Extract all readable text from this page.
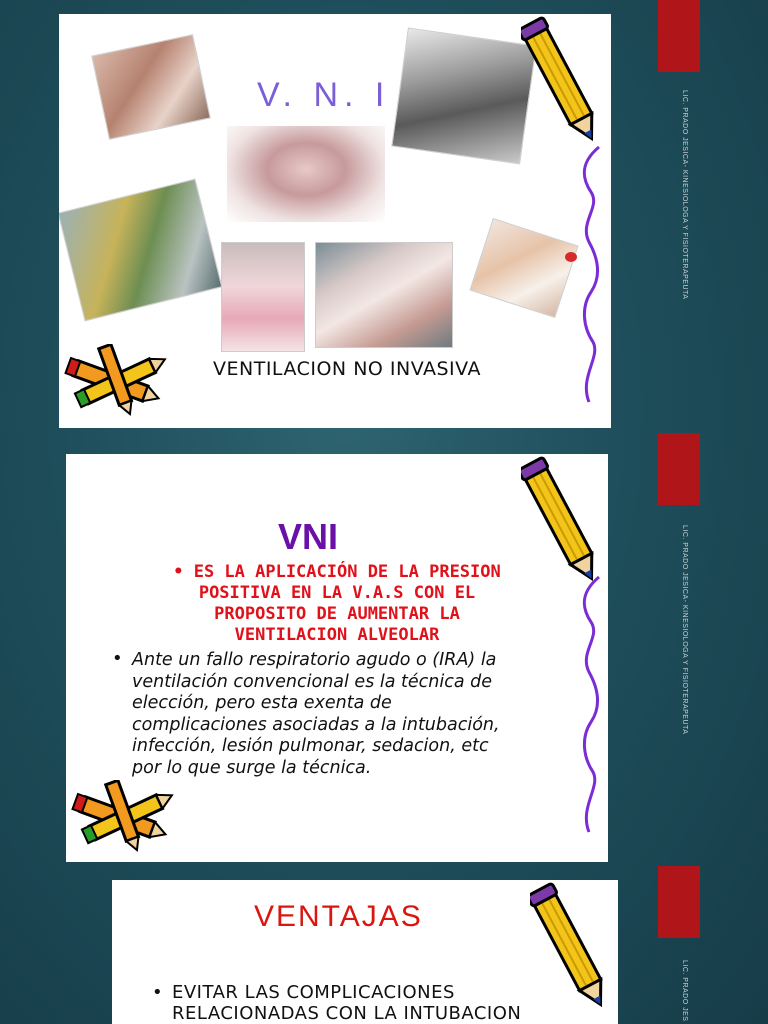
LIC. PRADO JESICA- KINESIOLOGA Y FISIOTERAPEUTA
LIC. PRADO JESICA- KINESIOLOGA Y FISIOTERAPEUTA
LIC. PRADO JES
V. N. I
VENTILACION NO INVASIVA
VNI
• ES LA APLICACIÓN DE LA PRESION
POSITIVA EN LA V.A.S CON EL
PROPOSITO DE AUMENTAR LA
VENTILACION ALVEOLAR
• Ante un fallo respiratorio agudo o (IRA) la
ventilación convencional es la técnica de
elección, pero esta exenta de
complicaciones asociadas a la intubación,
infección, lesión pulmonar, sedacion, etc
por lo que surge la técnica.
VENTAJAS
• EVITAR LAS COMPLICACIONES
RELACIONADAS CON LA INTUBACION
